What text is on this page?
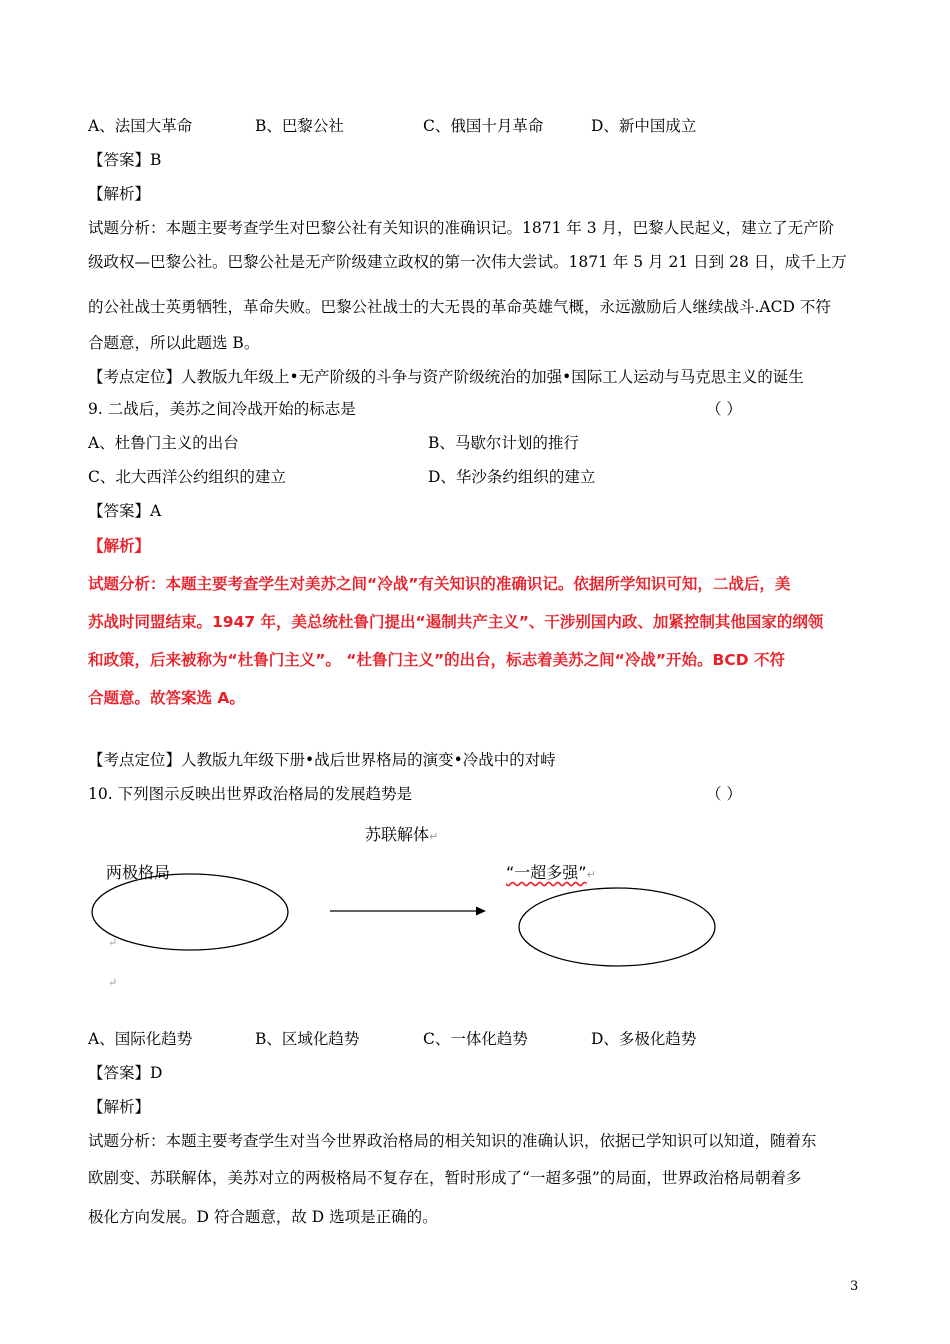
A、法国大革命	B、巴黎公社	C、俄国十月革命	D、新中国成立
【答案】B
【解析】
试题分析：本题主要考查学生对巴黎公社有关知识的准确识记。1871 年 3 月，巴黎人民起义，建立了无产阶
级政权—巴黎公社。巴黎公社是无产阶级建立政权的第一次伟大尝试。1871 年 5 月 21 日到 28 日，成千上万
的公社战士英勇牺牲，革命失败。巴黎公社战士的大无畏的革命英雄气概，永远激励后人继续战斗.ACD 不符
合题意，所以此题选 B。
【考点定位】人教版九年级上•无产阶级的斗争与资产阶级统治的加强•国际工人运动与马克思主义的诞生
9. 二战后，美苏之间冷战开始的标志是	（ ）
A、杜鲁门主义的出台	B、马歇尔计划的推行
C、北大西洋公约组织的建立	D、华沙条约组织的建立
【答案】A
【解析】
试题分析：本题主要考查学生对美苏之间“冷战”有关知识的准确识记。依据所学知识可知，二战后，美
苏战时同盟结束。1947 年，美总统杜鲁门提出“遏制共产主义”、干涉别国内政、加紧控制其他国家的纲领
和政策，后来被称为“杜鲁门主义”。 “杜鲁门主义”的出台，标志着美苏之间“冷战”开始。BCD 不符
合题意。故答案选 A。
【考点定位】人教版九年级下册•战后世界格局的演变•冷战中的对峙
10. 下列图示反映出世界政治格局的发展趋势是	（ ）
苏联解体↵
两极格局	“一超多强”↵
↵
↵
A、国际化趋势	B、区域化趋势	C、一体化趋势	D、多极化趋势
【答案】D
【解析】
试题分析：本题主要考查学生对当今世界政治格局的相关知识的准确认识，依据已学知识可以知道，随着东
欧剧变、苏联解体，美苏对立的两极格局不复存在，暂时形成了“一超多强”的局面，世界政治格局朝着多
极化方向发展。D 符合题意，故 D 选项是正确的。
3
